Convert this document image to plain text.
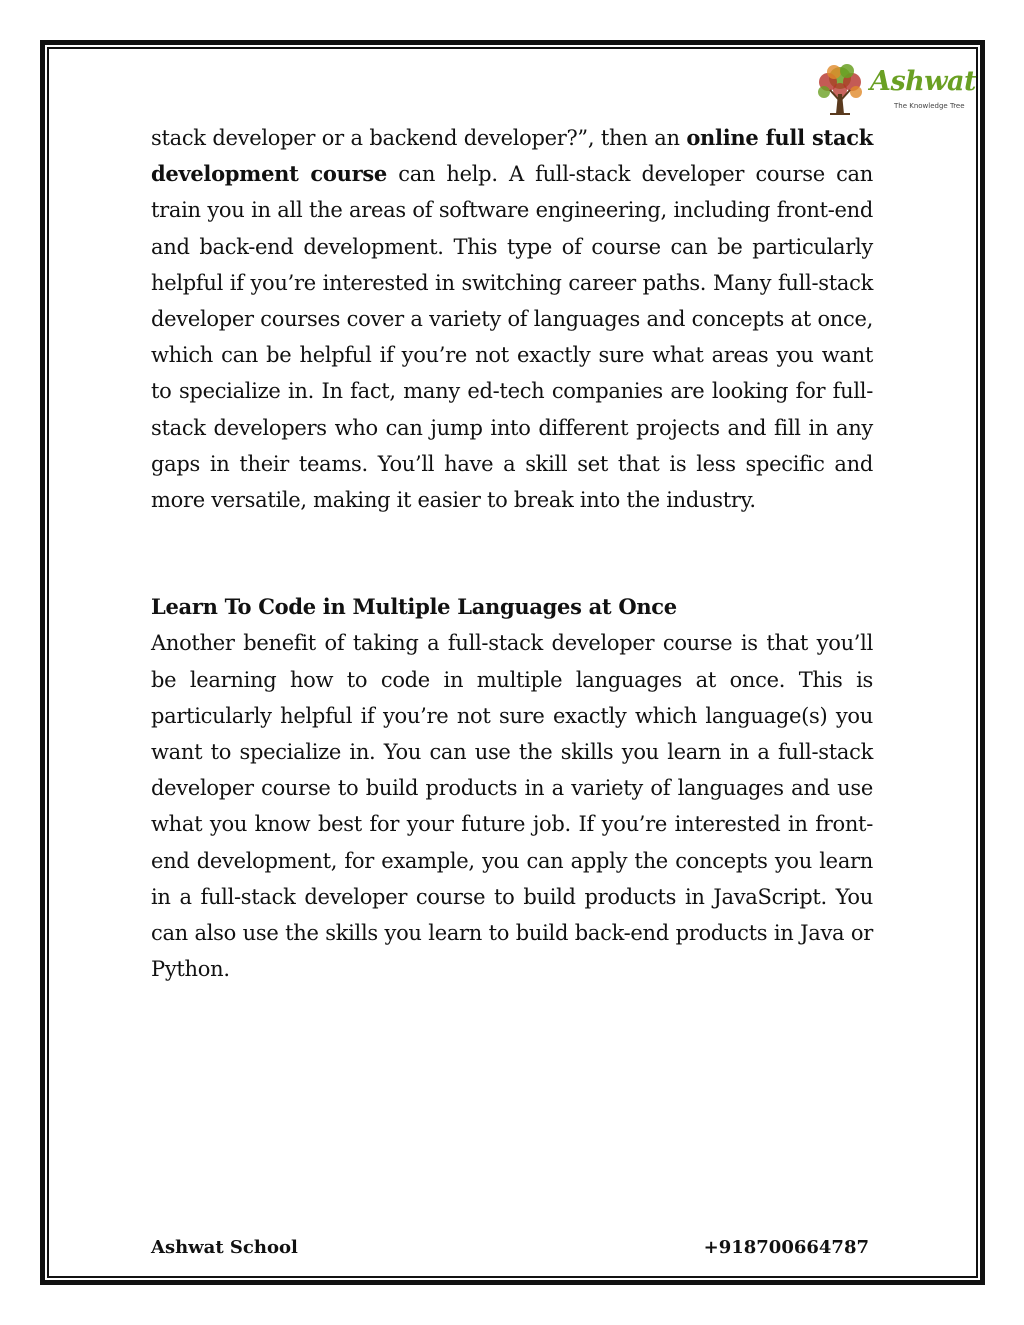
Ashwat
The Knowledge Tree

stack developer or a backend developer?”, then an online full stack development course can help. A full-stack developer course can train you in all the areas of software engineering, including front-end and back-end development. This type of course can be particularly helpful if you’re interested in switching career paths. Many full-stack developer courses cover a variety of languages and concepts at once, which can be helpful if you’re not exactly sure what areas you want to specialize in. In fact, many ed-tech companies are looking for full-stack developers who can jump into different projects and fill in any gaps in their teams. You’ll have a skill set that is less specific and more versatile, making it easier to break into the industry.

Learn To Code in Multiple Languages at Once

Another benefit of taking a full-stack developer course is that you’ll be learning how to code in multiple languages at once. This is particularly helpful if you’re not sure exactly which language(s) you want to specialize in. You can use the skills you learn in a full-stack developer course to build products in a variety of languages and use what you know best for your future job. If you’re interested in front-end development, for example, you can apply the concepts you learn in a full-stack developer course to build products in JavaScript. You can also use the skills you learn to build back-end products in Java or Python.

Ashwat School	+918700664787
